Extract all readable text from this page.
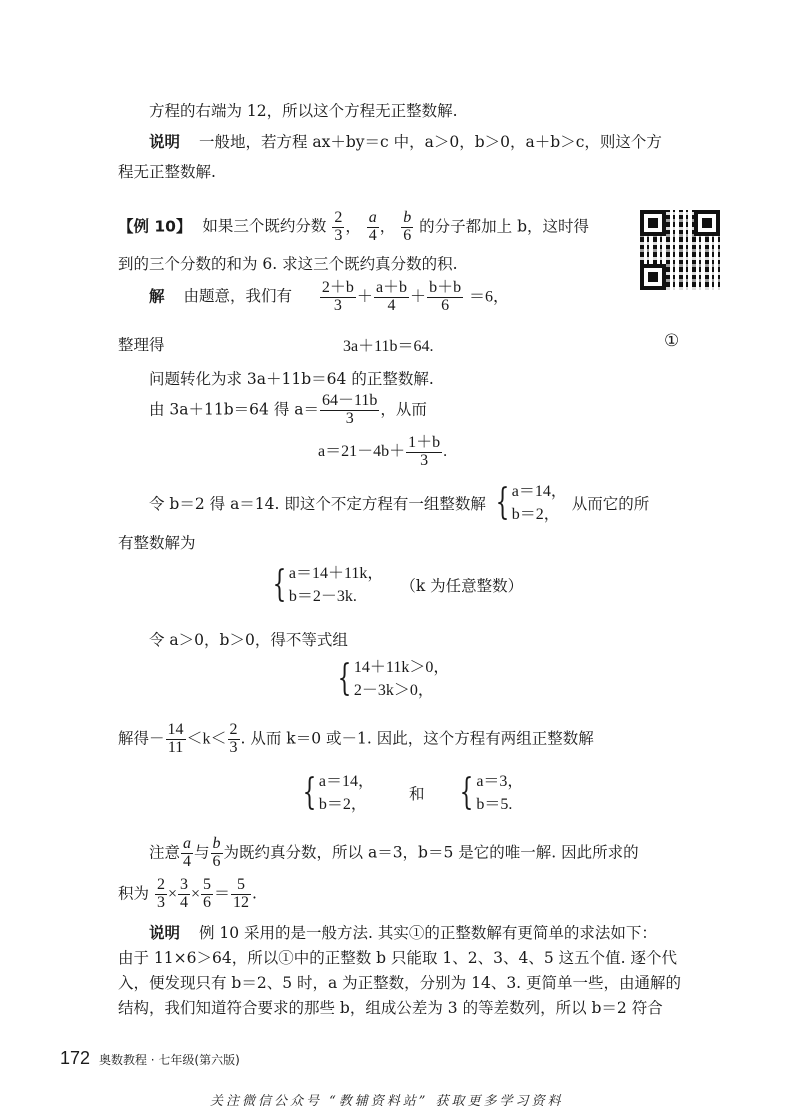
方程的右端为 12，所以这个方程无正整数解.
说明 一般地，若方程 ax＋by＝c 中，a＞0，b＞0，a＋b＞c，则这个方
程无正整数解.
【例 10】 如果三个既约分数 $\frac{2}{3}$ ， $\frac{a}{4}$ ， $\frac{b}{6}$ 的分子都加上 b，这时得
到的三个分数的和为 6. 求这三个既约真分数的积.
解 由题意，我们有 $\frac{2+b}{3} + \frac{a+b}{4} + \frac{b+b}{6} =6$，
整理得	3a＋11b＝64.	①
问题转化为求 3a＋11b＝64 的正整数解.
由 3a＋11b＝64 得 $a= \frac{64-11b}{3}$ ，从而
$a=21-4b+ \frac{1+b}{3}$ .
令 b＝2 得 a＝14. 即这个不定方程有一组整数解 { a＝14，
b＝2，
从而它的所
有整数解为
{ a＝14＋11k，
b＝2－3k.
（k 为任意整数）
令 a＞0，b＞0，得不等式组
{ 14＋11k＞0，
2－3k＞0，
解得－ $\frac{14}{11} <k< \frac{2}{3}$ . 从而 k＝0 或－1. 因此，这个方程有两组正整数解
{ a＝14，
b＝2，
和 { a＝3，
b＝5.
注意 $\frac{a}{4}$ 与 $\frac{b}{6}$ 为既约真分数，所以 a＝3，b＝5 是它的唯一解. 因此所求的
积为 $\frac{2}{3} \times \frac{3}{4} \times \frac{5}{6} = \frac{5}{12}$ .
说明 例 10 采用的是一般方法. 其实①的正整数解有更简单的求法如下：
由于 11×6＞64，所以①中的正整数 b 只能取 1、2、3、4、5 这五个值. 逐个代
入，便发现只有 b＝2、5 时，a 为正整数，分别为 14、3. 更简单一些，由通解的
结构，我们知道符合要求的那些 b，组成公差为 3 的等差数列，所以 b＝2 符合
172 奥数教程 · 七年级(第六版)
关注微信公众号 “教辅资料站” 获取更多学习资料
